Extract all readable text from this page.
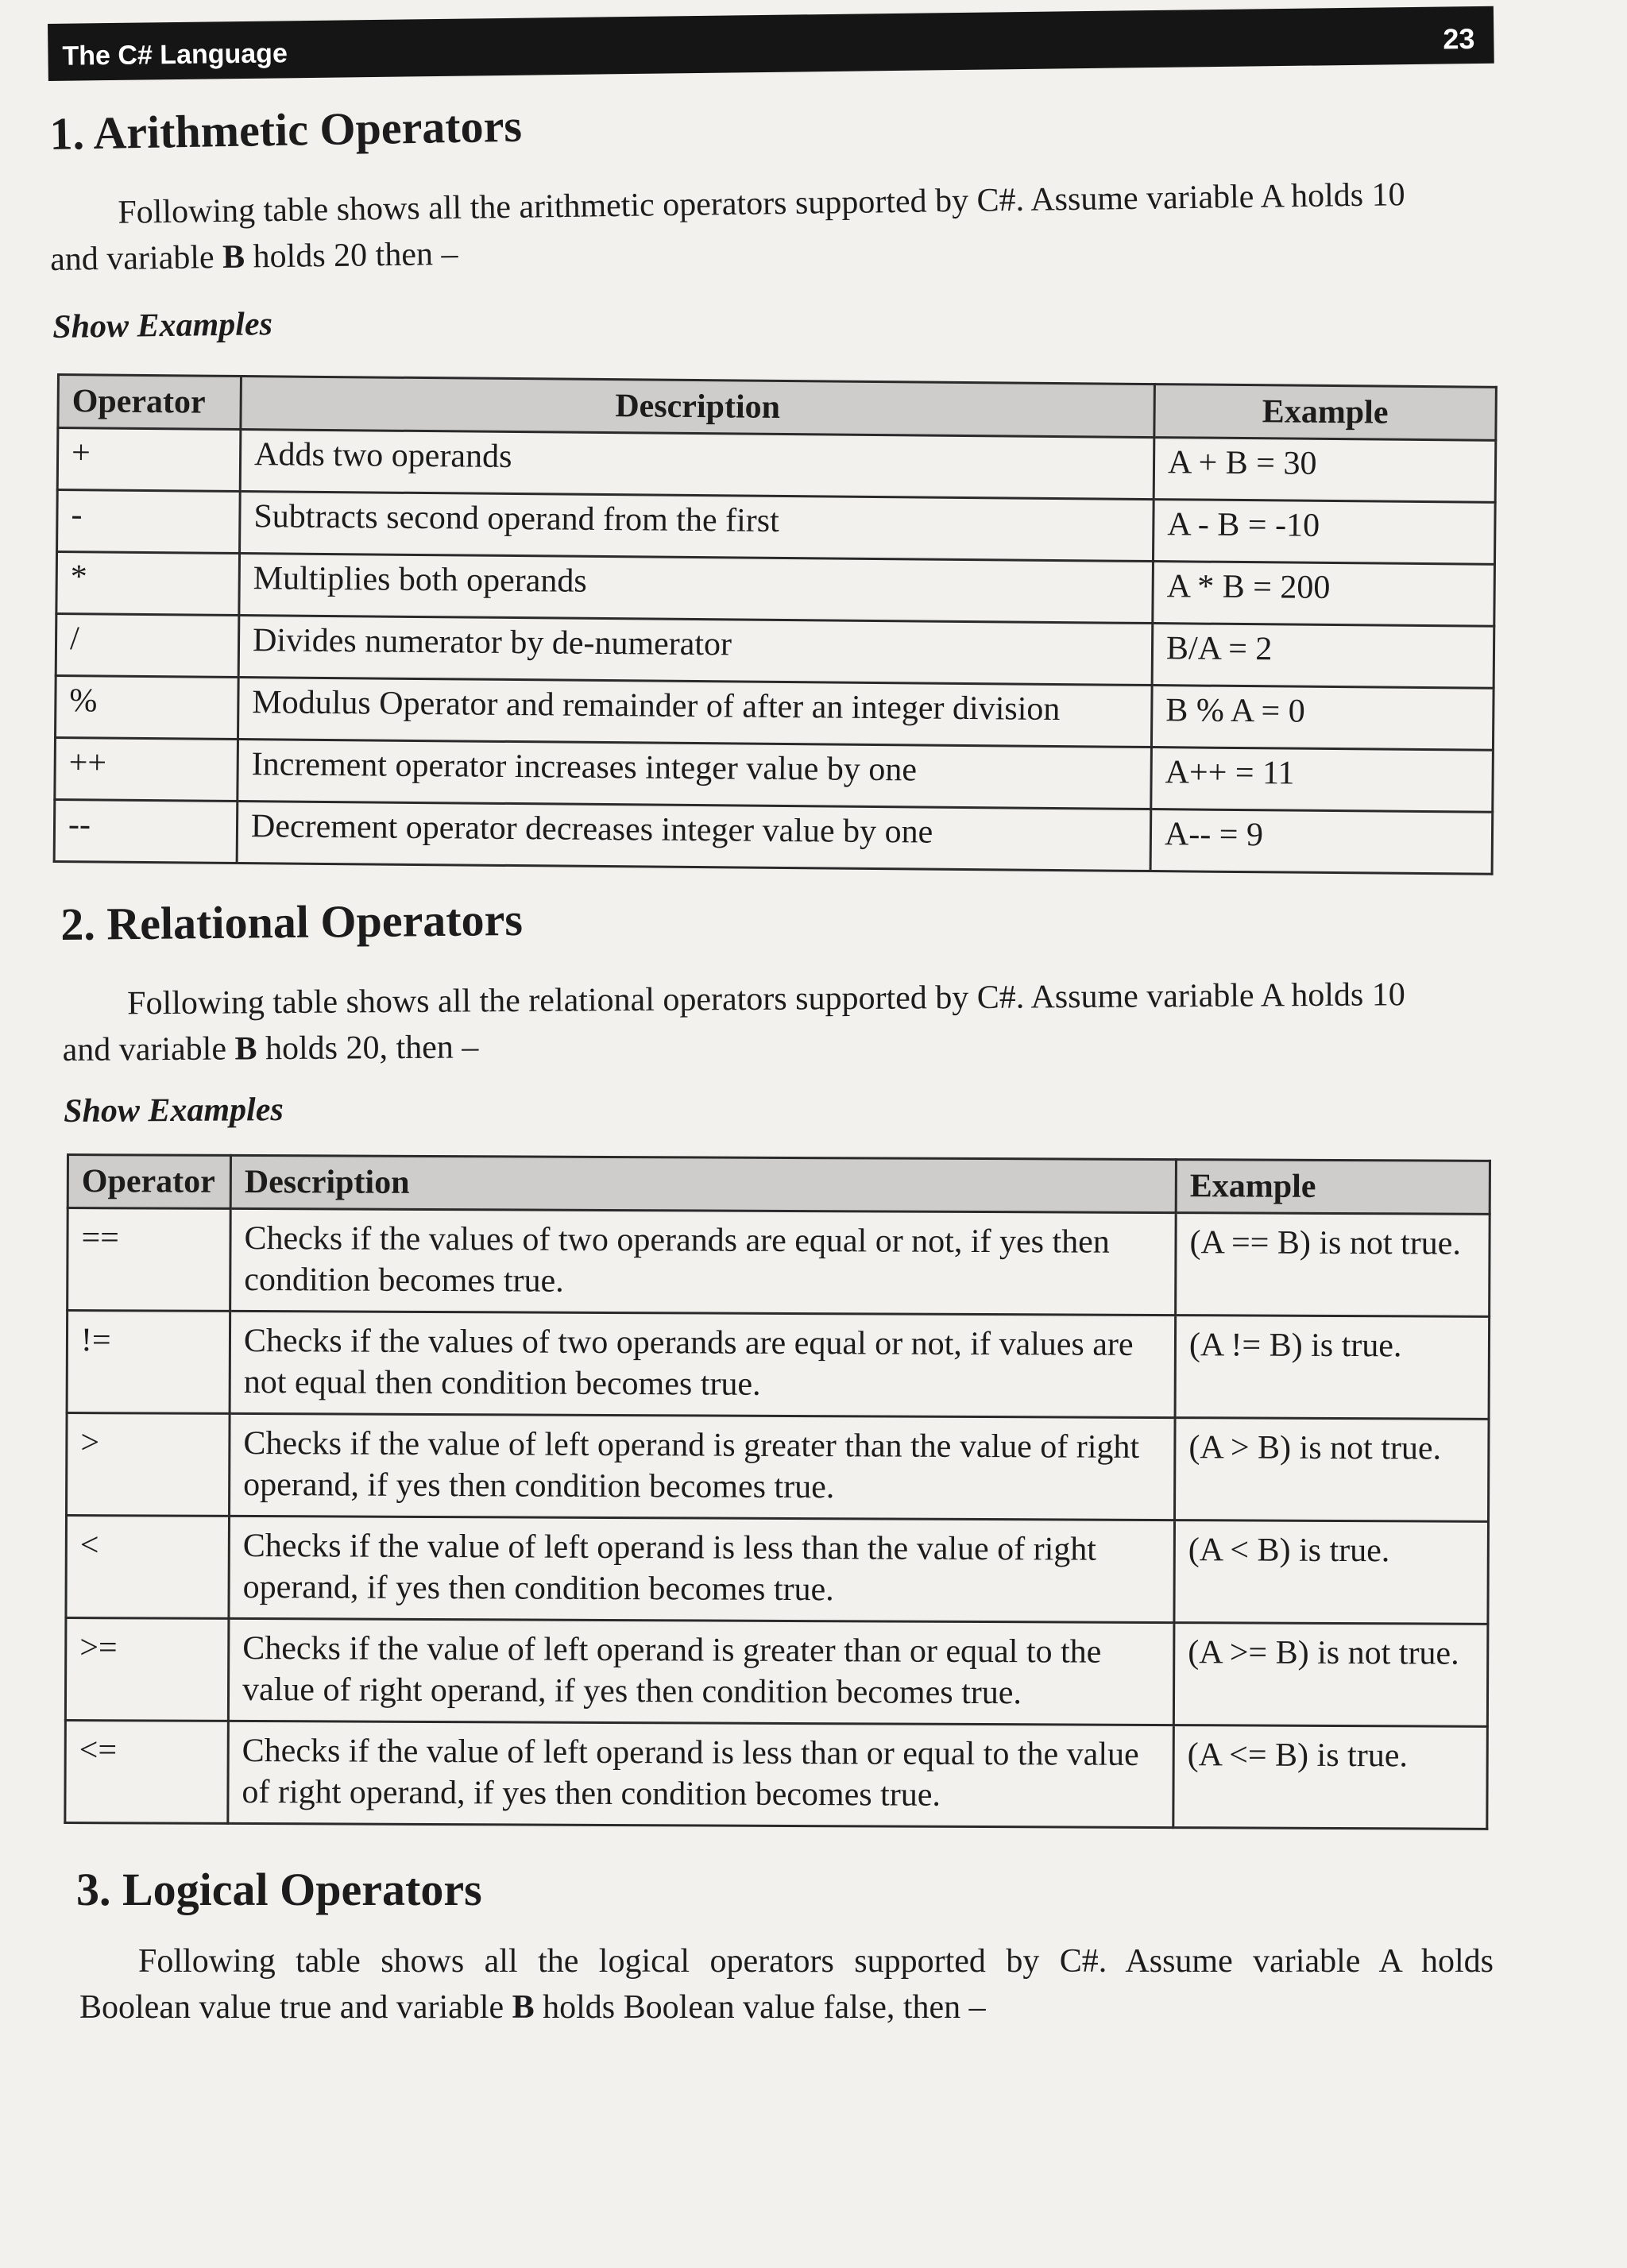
The C# Language	23
1. Arithmetic Operators
Following table shows all the arithmetic operators supported by C#. Assume variable A holds 10
and variable B holds 20 then –
Show Examples
Operator	Description	Example
+	Adds two operands	A + B = 30
-	Subtracts second operand from the first	A - B = -10
*	Multiplies both operands	A * B = 200
/	Divides numerator by de-numerator	B/A = 2
%	Modulus Operator and remainder of after an integer division	B % A = 0
++	Increment operator increases integer value by one	A++ = 11
--	Decrement operator decreases integer value by one	A-- = 9
2. Relational Operators
Following table shows all the relational operators supported by C#. Assume variable A holds 10
and variable B holds 20, then –
Show Examples
Operator	Description	Example
==	Checks if the values of two operands are equal or not, if yes then condition becomes true.	(A == B) is not true.
!=	Checks if the values of two operands are equal or not, if values are not equal then condition becomes true.	(A != B) is true.
>	Checks if the value of left operand is greater than the value of right operand, if yes then condition becomes true.	(A > B) is not true.
<	Checks if the value of left operand is less than the value of right operand, if yes then condition becomes true.	(A < B) is true.
>=	Checks if the value of left operand is greater than or equal to the value of right operand, if yes then condition becomes true.	(A >= B) is not true.
<=	Checks if the value of left operand is less than or equal to the value of right operand, if yes then condition becomes true.	(A <= B) is true.
3. Logical Operators
Following table shows all the logical operators supported by C#. Assume variable A holds
Boolean value true and variable B holds Boolean value false, then –
